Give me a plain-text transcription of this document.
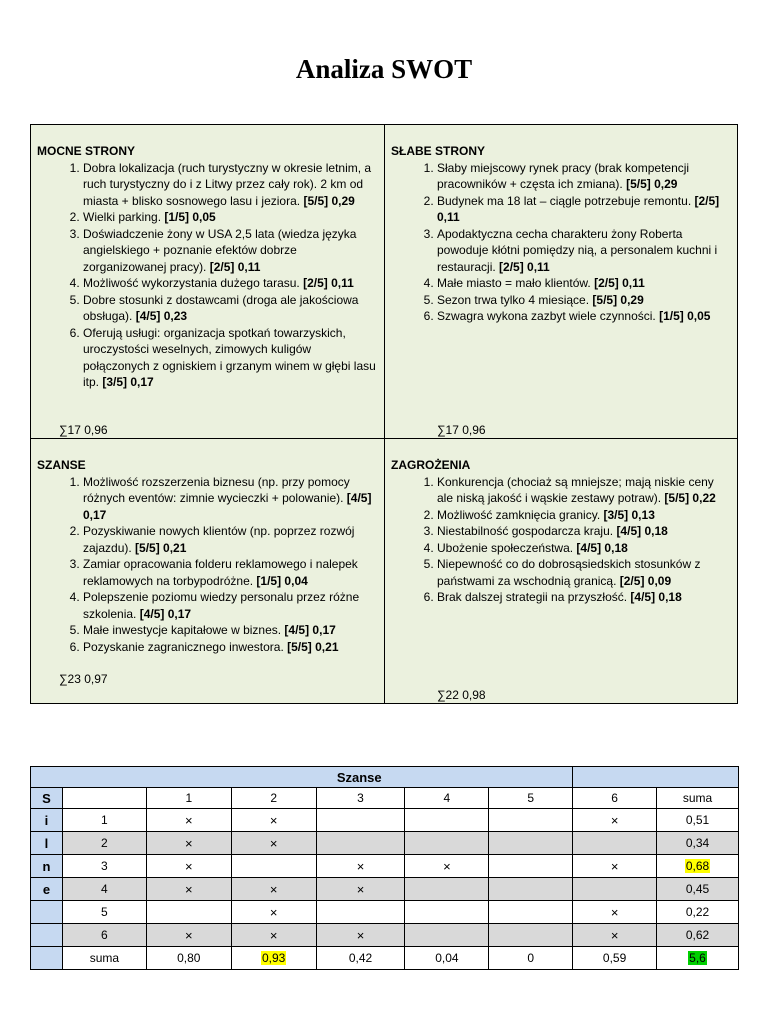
Analiza SWOT
MOCNE STRONY
1. Dobra lokalizacja (ruch turystyczny w okresie letnim, a ruch turystyczny do i z Litwy przez cały rok). 2 km od miasta + blisko sosnowego lasu i jeziora. [5/5] 0,29
2. Wielki parking. [1/5] 0,05
3. Doświadczenie żony w USA 2,5 lata (wiedza języka angielskiego + poznanie efektów dobrze zorganizowanej pracy). [2/5] 0,11
4. Możliwość wykorzystania dużego tarasu. [2/5] 0,11
5. Dobre stosunki z dostawcami (droga ale jakościowa obsługa). [4/5] 0,23
6. Oferują usługi: organizacja spotkań towarzyskich, uroczystości weselnych, zimowych kuligów połączonych z ogniskiem i grzanym winem w głębi lasu itp. [3/5] 0,17
∑17 0,96
SŁABE STRONY
1. Słaby miejscowy rynek pracy (brak kompetencji pracowników + częsta ich zmiana). [5/5] 0,29
2. Budynek ma 18 lat – ciągle potrzebuje remontu. [2/5] 0,11
3. Apodaktyczna cecha charakteru żony Roberta powoduje kłótni pomiędzy nią, a personalem kuchni i restauracji. [2/5] 0,11
4. Małe miasto = mało klientów. [2/5] 0,11
5. Sezon trwa tylko 4 miesiące. [5/5] 0,29
6. Szwagra wykona zazbyt wiele czynności. [1/5] 0,05
∑17 0,96
SZANSE
1. Możliwość rozszerzenia biznesu (np. przy pomocy różnych eventów: zimnie wycieczki + polowanie). [4/5] 0,17
2. Pozyskiwanie nowych klientów (np. poprzez rozwój zajazdu). [5/5] 0,21
3. Zamiar opracowania folderu reklamowego i nalepek reklamowych na torbypodróżne. [1/5] 0,04
4. Polepszenie poziomu wiedzy personalu przez różne szkolenia. [4/5] 0,17
5. Małe inwestycje kapitałowe w biznes. [4/5] 0,17
6. Pozyskanie zagranicznego inwestora. [5/5] 0,21
∑23 0,97
ZAGROŻENIA
1. Konkurencja (chociaż są mniejsze; mają niskie ceny ale niską jakość i wąskie zestawy potraw). [5/5] 0,22
2. Możliwość zamknięcia granicy. [3/5] 0,13
3. Niestabilność gospodarcza kraju. [4/5] 0,18
4. Ubożenie społeczeństwa. [4/5] 0,18
5. Niepewność co do dobrosąsiedskich stosunków z państwami za wschodnią granicą. [2/5] 0,09
6. Brak dalszej strategii na przyszłość. [4/5] 0,18
∑22 0,98
		Szanse						
S		1	2	3	4	5	6	suma
i	1	×	×				×	0,51
l	2	×	×					0,34
n	3	×		×	×		×	0,68
e	4	×	×	×				0,45
	5		×				×	0,22
	6	×	×	×			×	0,62
	suma	0,80	0,93	0,42	0,04	0	0,59	5,6
